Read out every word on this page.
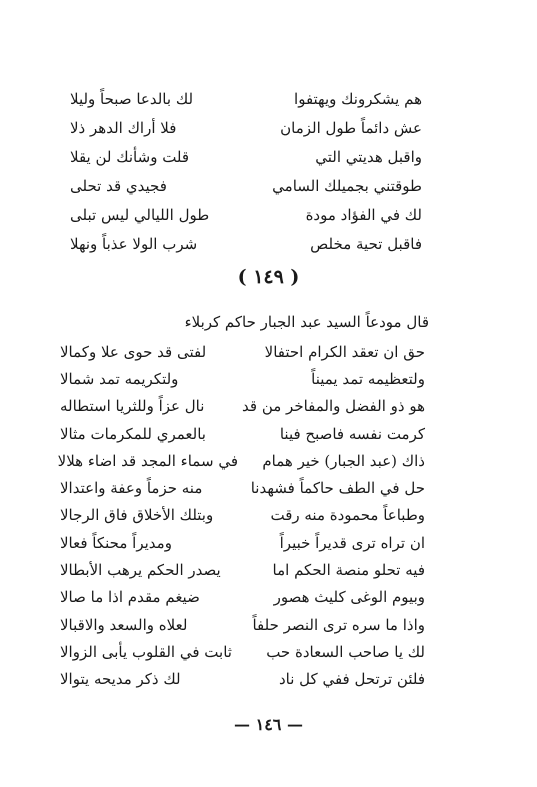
هم يشكرونك ويهتفوا
لك بالدعا صبحاً وليلا
عش دائماً طول الزمان
فلا أراك الدهر ذلا
واقبل هديتي التي
قلت وشأنك لن يقلا
طوقتني بجميلك السامي
فجيدي قد تحلى
لك في الفؤاد مودة
طول الليالي ليس تبلى
فاقبل تحية مخلص
شرب الولا عذباً ونهلا
( ١٤٩ )
قال مودعاً السيد عبد الجبار حاكم كربلاء
حق ان تعقد الكرام احتفالا
لفتى قد حوى علا وكمالا
ولتعظيمه تمد يميناً
ولتكريمه تمد شمالا
هو ذو الفضل والمفاخر من قد
نال عزاً وللثريا استطاله
كرمت نفسه فاصبح فينا
بالعمري للمكرمات مثالا
ذاك (عبد الجبار) خير همام
في سماء المجد قد اضاء هلالا
حل في الطف حاكماً فشهدنا
منه حزماً وعفة واعتدالا
وطباعاً محمودة منه رقت
وبتلك الأخلاق فاق الرجالا
ان تراه ترى قديراً خبيراً
ومديراً محنكاً فعالا
فيه تحلو منصة الحكم اما
يصدر الحكم يرهب الأبطالا
وبيوم الوغى كليث هصور
ضيغم مقدم اذا ما صالا
واذا ما سره ترى النصر حلفاً
لعلاه والسعد والاقبالا
لك يا صاحب السعادة حب
ثابت في القلوب يأبى الزوالا
فلئن ترتحل ففي كل ناد
لك ذكر مديحه يتوالا
— ١٤٦ —
